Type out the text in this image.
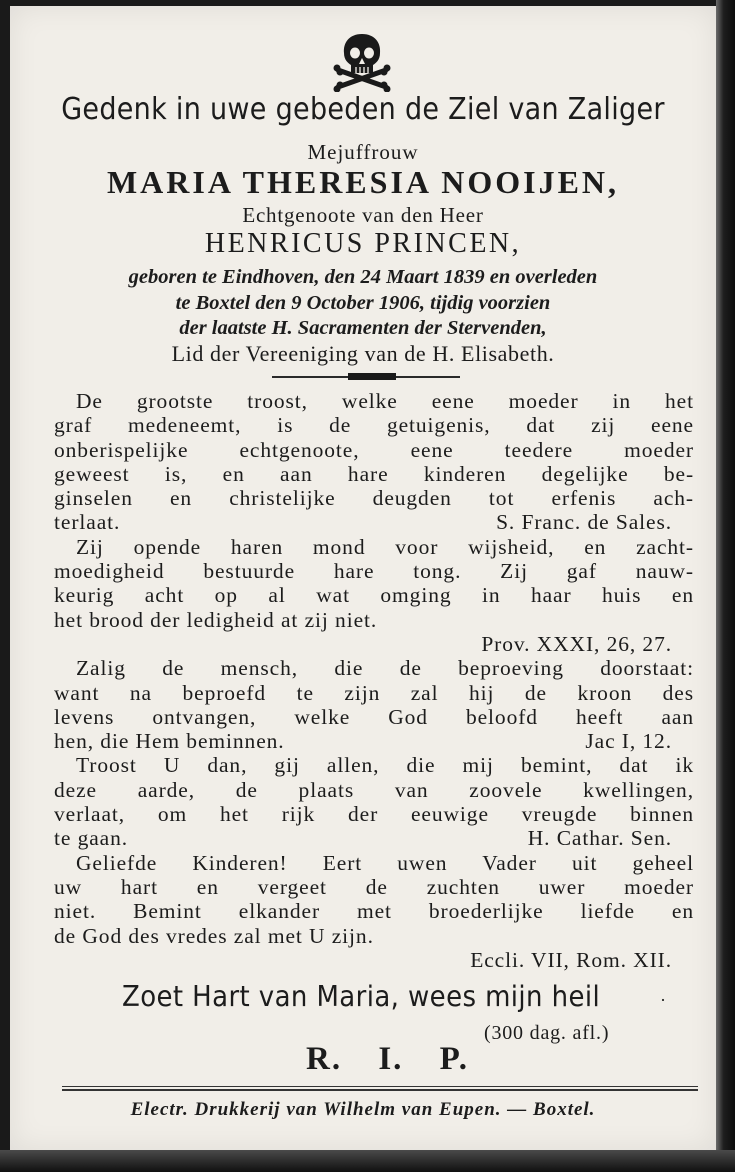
Gedenk in uwe gebeden de Ziel van Zaliger
Mejuffrouw
MARIA THERESIA NOOIJEN,
Echtgenoote van den Heer
HENRICUS PRINCEN,
geboren te Eindhoven, den 24 Maart 1839 en overleden
te Boxtel den 9 October 1906, tijdig voorzien
der laatste H. Sacramenten der Stervenden,
Lid der Vereeniging van de H. Elisabeth.
De grootste troost, welke eene moeder in het
graf medeneemt, is de getuigenis, dat zij eene
onberispelijke echtgenoote, eene teedere moeder
geweest is, en aan hare kinderen degelijke be-
ginselen en christelijke deugden tot erfenis ach-
terlaat.	S. Franc. de Sales.
Zij opende haren mond voor wijsheid, en zacht-
moedigheid bestuurde hare tong. Zij gaf nauw-
keurig acht op al wat omging in haar huis en
het brood der ledigheid at zij niet.
Prov. XXXI, 26, 27.
Zalig de mensch, die de beproeving doorstaat:
want na beproefd te zijn zal hij de kroon des
levens ontvangen, welke God beloofd heeft aan
hen, die Hem beminnen.	Jac I, 12.
Troost U dan, gij allen, die mij bemint, dat ik
deze aarde, de plaats van zoovele kwellingen,
verlaat, om het rijk der eeuwige vreugde binnen
te gaan.	H. Cathar. Sen.
Geliefde Kinderen! Eert uwen Vader uit geheel
uw hart en vergeet de zuchten uwer moeder
niet. Bemint elkander met broederlijke liefde en
de God des vredes zal met U zijn.
Eccli. VII, Rom. XII.
Zoet Hart van Maria, wees mijn heil	·
(300 dag. afl.)
R. I. P.
Electr. Drukkerij van Wilhelm van Eupen. — Boxtel.
